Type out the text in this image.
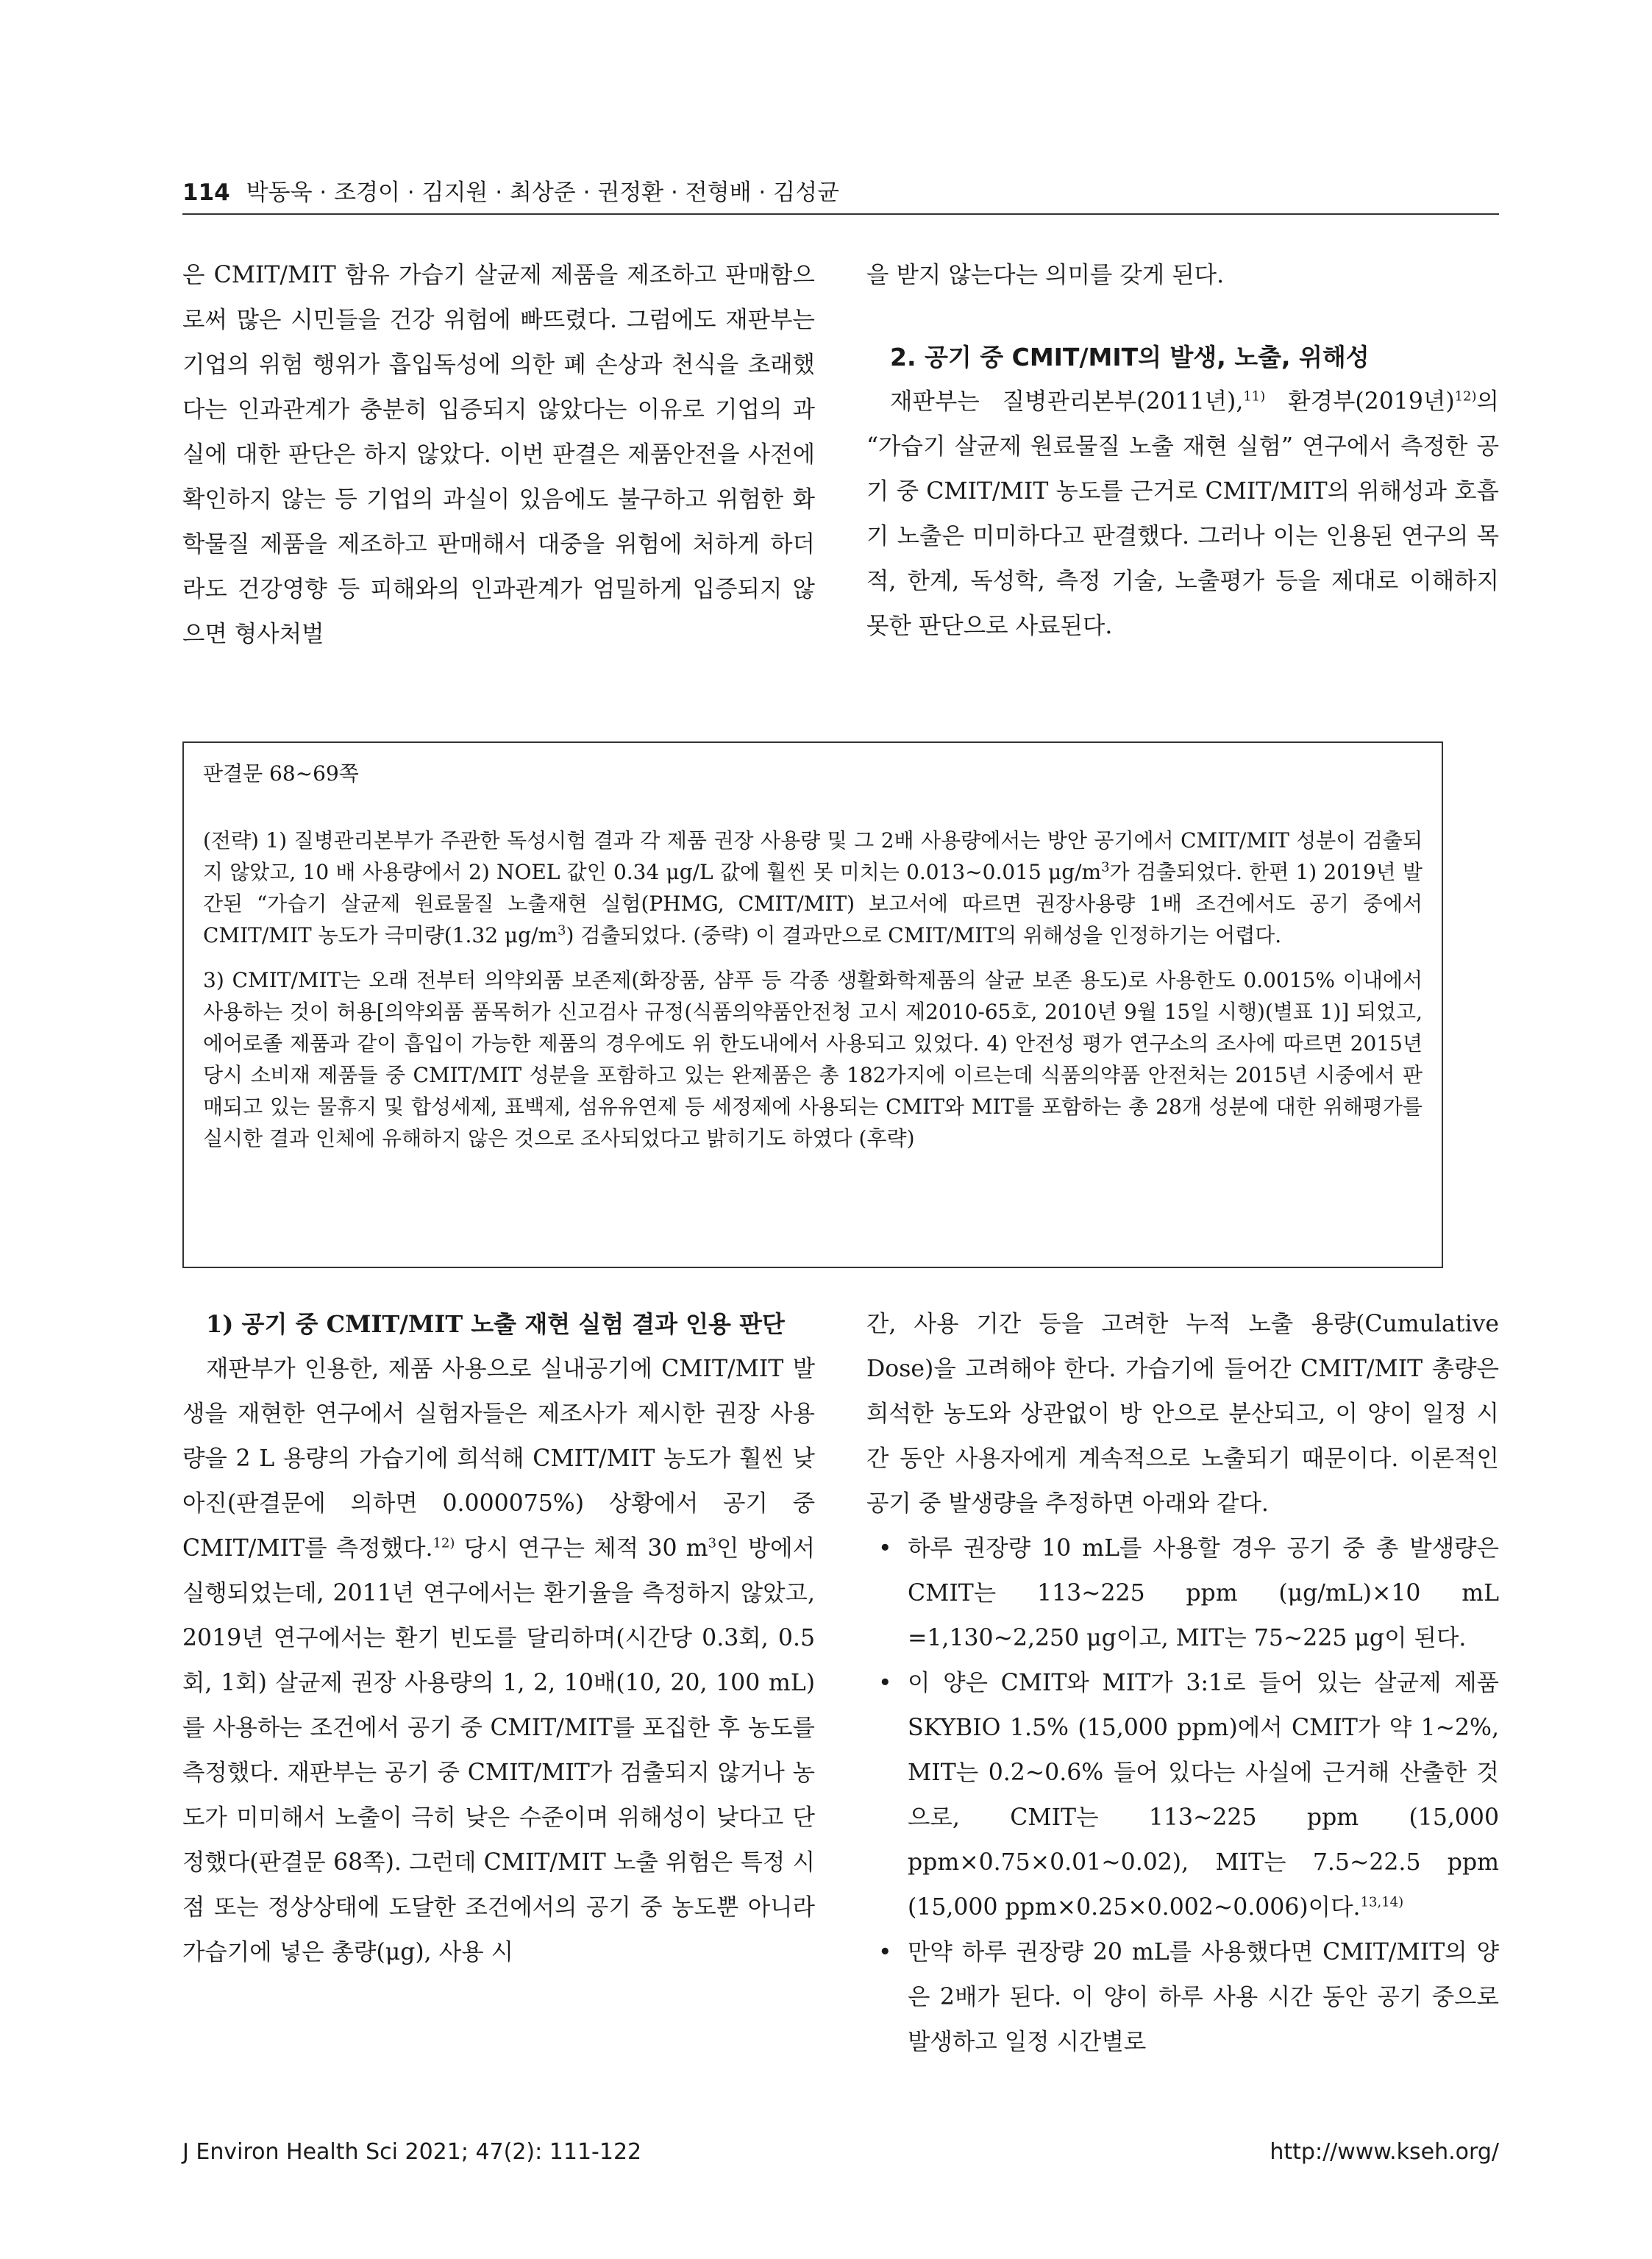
114 박동욱 · 조경이 · 김지원 · 최상준 · 권정환 · 전형배 · 김성균

은 CMIT/MIT 함유 가습기 살균제 제품을 제조하고 판매함으로써 많은 시민들을 건강 위험에 빠뜨렸다. 그럼에도 재판부는 기업의 위험 행위가 흡입독성에 의한 폐 손상과 천식을 초래했다는 인과관계가 충분히 입증되지 않았다는 이유로 기업의 과실에 대한 판단은 하지 않았다. 이번 판결은 제품안전을 사전에 확인하지 않는 등 기업의 과실이 있음에도 불구하고 위험한 화학물질 제품을 제조하고 판매해서 대중을 위험에 처하게 하더라도 건강영향 등 피해와의 인과관계가 엄밀하게 입증되지 않으면 형사처벌

을 받지 않는다는 의미를 갖게 된다.

2. 공기 중 CMIT/MIT의 발생, 노출, 위해성

재판부는 질병관리본부(2011년),$^{11)}$ 환경부(2019년)$^{12)}$의 “가습기 살균제 원료물질 노출 재현 실험” 연구에서 측정한 공기 중 CMIT/MIT 농도를 근거로 CMIT/MIT의 위해성과 호흡기 노출은 미미하다고 판결했다. 그러나 이는 인용된 연구의 목적, 한계, 독성학, 측정 기술, 노출평가 등을 제대로 이해하지 못한 판단으로 사료된다.

판결문 68~69쪽

(전략) 1) 질병관리본부가 주관한 독성시험 결과 각 제품 권장 사용량 및 그 2배 사용량에서는 방안 공기에서 CMIT/MIT 성분이 검출되지 않았고, 10 배 사용량에서 2) NOEL 값인 0.34 μg/L 값에 훨씬 못 미치는 0.013~0.015 $\mu g/m^3$가 검출되었다. 한편 1) 2019년 발간된 “가습기 살균제 원료물질 노출재현 실험(PHMG, CMIT/MIT) 보고서에 따르면 권장사용량 1배 조건에서도 공기 중에서 CMIT/MIT 농도가 극미량(1.32 $\mu g/m^3$) 검출되었다. (중략) 이 결과만으로 CMIT/MIT의 위해성을 인정하기는 어렵다.

3) CMIT/MIT는 오래 전부터 의약외품 보존제(화장품, 샴푸 등 각종 생활화학제품의 살균 보존 용도)로 사용한도 0.0015% 이내에서 사용하는 것이 허용[의약외품 품목허가 신고검사 규정(식품의약품안전청 고시 제2010-65호, 2010년 9월 15일 시행)(별표 1)] 되었고, 에어로졸 제품과 같이 흡입이 가능한 제품의 경우에도 위 한도내에서 사용되고 있었다. 4) 안전성 평가 연구소의 조사에 따르면 2015년 당시 소비재 제품들 중 CMIT/MIT 성분을 포함하고 있는 완제품은 총 182가지에 이르는데 식품의약품 안전처는 2015년 시중에서 판매되고 있는 물휴지 및 합성세제, 표백제, 섬유유연제 등 세정제에 사용되는 CMIT와 MIT를 포함하는 총 28개 성분에 대한 위해평가를 실시한 결과 인체에 유해하지 않은 것으로 조사되었다고 밝히기도 하였다 (후략)

1) 공기 중 CMIT/MIT 노출 재현 실험 결과 인용 판단

재판부가 인용한, 제품 사용으로 실내공기에 CMIT/MIT 발생을 재현한 연구에서 실험자들은 제조사가 제시한 권장 사용량을 2 L 용량의 가습기에 희석해 CMIT/MIT 농도가 훨씬 낮아진(판결문에 의하면 0.000075%) 상황에서 공기 중 CMIT/MIT를 측정했다.$^{12)}$ 당시 연구는 체적 30 $m^3$인 방에서 실행되었는데, 2011년 연구에서는 환기율을 측정하지 않았고, 2019년 연구에서는 환기 빈도를 달리하며(시간당 0.3회, 0.5회, 1회) 살균제 권장 사용량의 1, 2, 10배(10, 20, 100 mL)를 사용하는 조건에서 공기 중 CMIT/MIT를 포집한 후 농도를 측정했다. 재판부는 공기 중 CMIT/MIT가 검출되지 않거나 농도가 미미해서 노출이 극히 낮은 수준이며 위해성이 낮다고 단정했다(판결문 68쪽). 그런데 CMIT/MIT 노출 위험은 특정 시점 또는 정상상태에 도달한 조건에서의 공기 중 농도뿐 아니라 가습기에 넣은 총량(μg), 사용 시

간, 사용 기간 등을 고려한 누적 노출 용량(Cumulative Dose)을 고려해야 한다. 가습기에 들어간 CMIT/MIT 총량은 희석한 농도와 상관없이 방 안으로 분산되고, 이 양이 일정 시간 동안 사용자에게 계속적으로 노출되기 때문이다. 이론적인 공기 중 발생량을 추정하면 아래와 같다.

• 하루 권장량 10 mL를 사용할 경우 공기 중 총 발생량은 CMIT는 113~225 ppm (μg/mL)×10 mL =1,130~2,250 μg이고, MIT는 75~225 μg이 된다.
• 이 양은 CMIT와 MIT가 3:1로 들어 있는 살균제 제품 SKYBIO 1.5% (15,000 ppm)에서 CMIT가 약 1~2%, MIT는 0.2~0.6% 들어 있다는 사실에 근거해 산출한 것으로, CMIT는 113~225 ppm (15,000 ppm×0.75×0.01~0.02), MIT는 7.5~22.5 ppm (15,000 ppm×0.25×0.002~0.006)이다.$^{13,14)}$
• 만약 하루 권장량 20 mL를 사용했다면 CMIT/MIT의 양은 2배가 된다. 이 양이 하루 사용 시간 동안 공기 중으로 발생하고 일정 시간별로
J Environ Health Sci 2021; 47(2): 111-122	http://www.kseh.org/
